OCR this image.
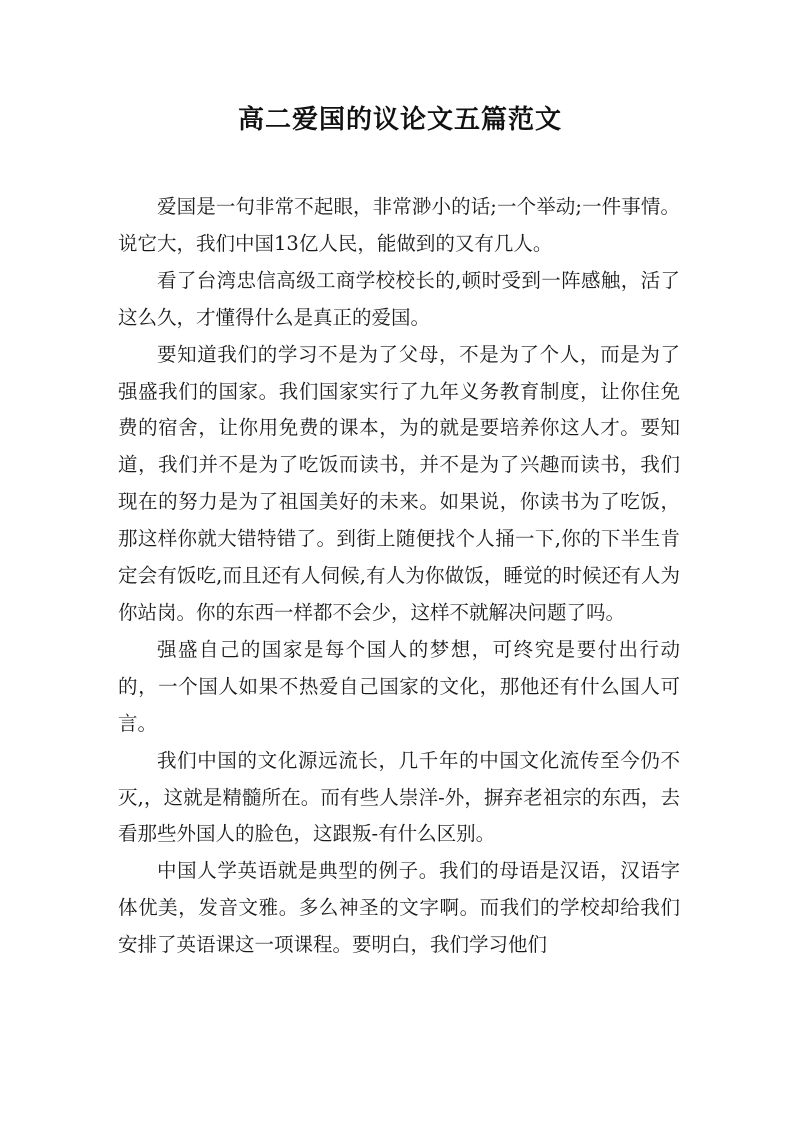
高二爱国的议论文五篇范文

爱国是一句非常不起眼，非常渺小的话;一个举动;一件事情。说它大，我们中国13亿人民，能做到的又有几人。

看了台湾忠信高级工商学校校长的,顿时受到一阵感触，活了这么久，才懂得什么是真正的爱国。

要知道我们的学习不是为了父母，不是为了个人，而是为了强盛我们的国家。我们国家实行了九年义务教育制度，让你住免费的宿舍，让你用免费的课本，为的就是要培养你这人才。要知道，我们并不是为了吃饭而读书，并不是为了兴趣而读书，我们现在的努力是为了祖国美好的未来。如果说，你读书为了吃饭，那这样你就大错特错了。到街上随便找个人捅一下,你的下半生肯定会有饭吃,而且还有人伺候,有人为你做饭，睡觉的时候还有人为你站岗。你的东西一样都不会少，这样不就解决问题了吗。

强盛自己的国家是每个国人的梦想，可终究是要付出行动的，一个国人如果不热爱自己国家的文化，那他还有什么国人可言。

我们中国的文化源远流长，几千年的中国文化流传至今仍不灭,，这就是精髓所在。而有些人崇洋-外，摒弃老祖宗的东西，去看那些外国人的脸色，这跟叛-有什么区别。

中国人学英语就是典型的例子。我们的母语是汉语，汉语字体优美，发音文雅。多么神圣的文字啊。而我们的学校却给我们安排了英语课这一项课程。要明白，我们学习他们
